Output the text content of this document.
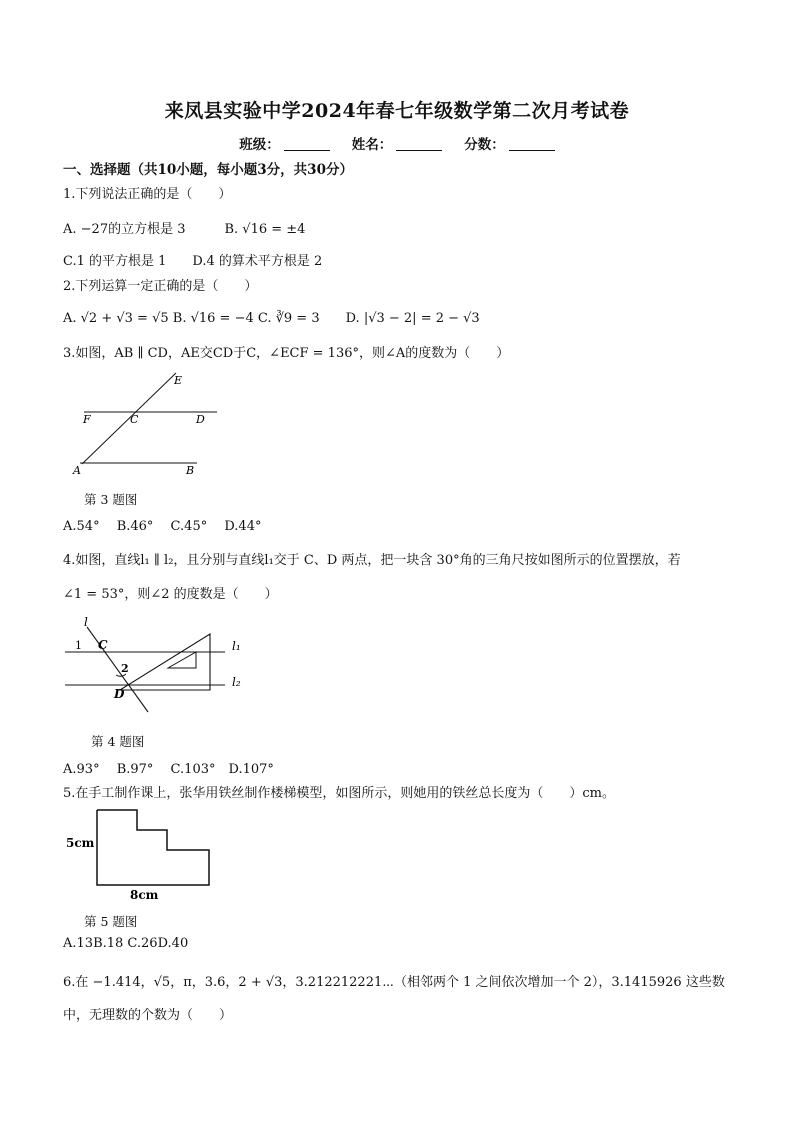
来凤县实验中学2024年春七年级数学第二次月考试卷
班级：	姓名：	分数：
一、选择题（共10小题，每小题3分，共30分）
1.下列说法正确的是（　　）
A. −27的立方根是 3　　　B. √16 = ±4
C.1 的平方根是 1　　D.4 的算术平方根是 2
2.下列运算一定正确的是（　　）
A. √2 + √3 = √5 B. √16 = −4 C. ∛9 = 3　　D. |√3 − 2| = 2 − √3
3.如图，AB ∥ CD，AE交CD于C，∠ECF = 136°，则∠A的度数为（　　）
E
F	C	D
A	B
第 3 题图
A.54°　 B.46°　 C.45°　 D.44°
4.如图，直线l₁ ∥ l₂，且分别与直线l₁交于 C、D 两点，把一块含 30°角的三角尺按如图所示的位置摆放，若
∠1 = 53°，则∠2 的度数是（　　）
l
1 C
2
D
l₁
l₂
第 4 题图
A.93°　 B.97°　 C.103°　D.107°
5.在手工制作课上，张华用铁丝制作楼梯模型，如图所示，则她用的铁丝总长度为（　　）cm。
5cm
8cm
第 5 题图
A.13B.18 C.26D.40
6.在 −1.414，√5，π，3.6，2 + √3，3.212212221⋯（相邻两个 1 之间依次增加一个 2），3.1415926 这些数
中，无理数的个数为（　　）
